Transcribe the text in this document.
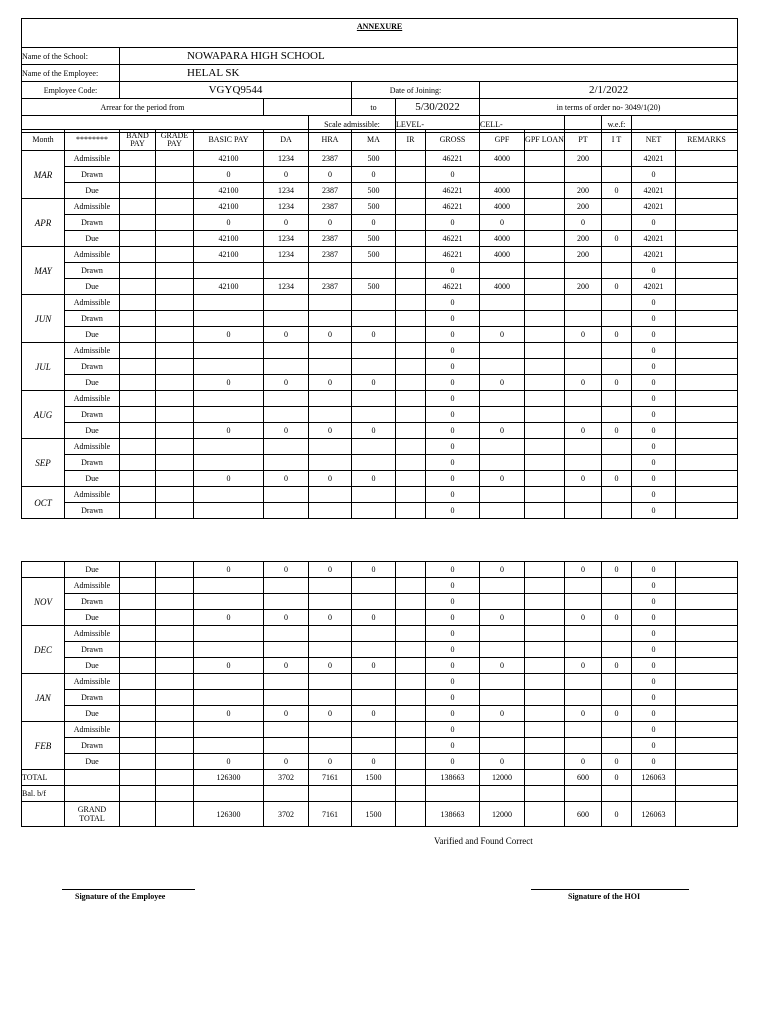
ANNEXURE									
Name of the School:	NOWAPARA HIGH SCHOOL								
Name of the Employee:	HELAL SK								
Employee Code:	VGYQ9544			Date of Joining:		2/1/2022			
Arrear for the period from				to	5/30/2022	in terms of order no- 3049/1(20)			
			Scale admissible:		LEVEL-	CELL-		w.e.f:	
Month	********	BAND PAY	GRADE PAY	BASIC PAY	DA	HRA	MA	IR	GROSS	GPF	GPF LOAN	PT	I T	NET	REMARKS
MAR	Admissible			42100	1234	2387	500		46221	4000		200		42021	
	Drawn			0	0	0	0		0					0	
	Due			42100	1234	2387	500		46221	4000		200	0	42021	
APR	Admissible			42100	1234	2387	500		46221	4000		200		42021	
	Drawn			0	0	0	0		0	0		0		0	
	Due			42100	1234	2387	500		46221	4000		200	0	42021	
MAY	Admissible			42100	1234	2387	500		46221	4000		200		42021	
	Drawn								0					0	
	Due			42100	1234	2387	500		46221	4000		200	0	42021	
JUN	Admissible								0					0	
	Drawn								0					0	
	Due			0	0	0	0		0	0		0	0	0	
JUL	Admissible								0					0	
	Drawn								0					0	
	Due			0	0	0	0		0	0		0	0	0	
AUG	Admissible								0					0	
	Drawn								0					0	
	Due			0	0	0	0		0	0		0	0	0	
SEP	Admissible								0					0	
	Drawn								0					0	
	Due			0	0	0	0		0	0		0	0	0	
OCT	Admissible								0					0	
	Drawn								0					0	
	Due			0	0	0	0		0	0		0	0	0	
NOV	Admissible								0					0	
	Drawn								0					0	
	Due			0	0	0	0		0	0		0	0	0	
DEC	Admissible								0					0	
	Drawn								0					0	
	Due			0	0	0	0		0	0		0	0	0	
JAN	Admissible								0					0	
	Drawn								0					0	
	Due			0	0	0	0		0	0		0	0	0	
FEB	Admissible								0					0	
	Drawn								0					0	
	Due			0	0	0	0		0	0		0	0	0	
TOTAL				126300	3702	7161	1500		138663	12000		600	0	126063	
Bal. b/f															
	GRAND TOTAL			126300	3702	7161	1500		138663	12000		600	0	126063	
Varified and Found Correct
Signature of the Employee	Signature of the HOI
